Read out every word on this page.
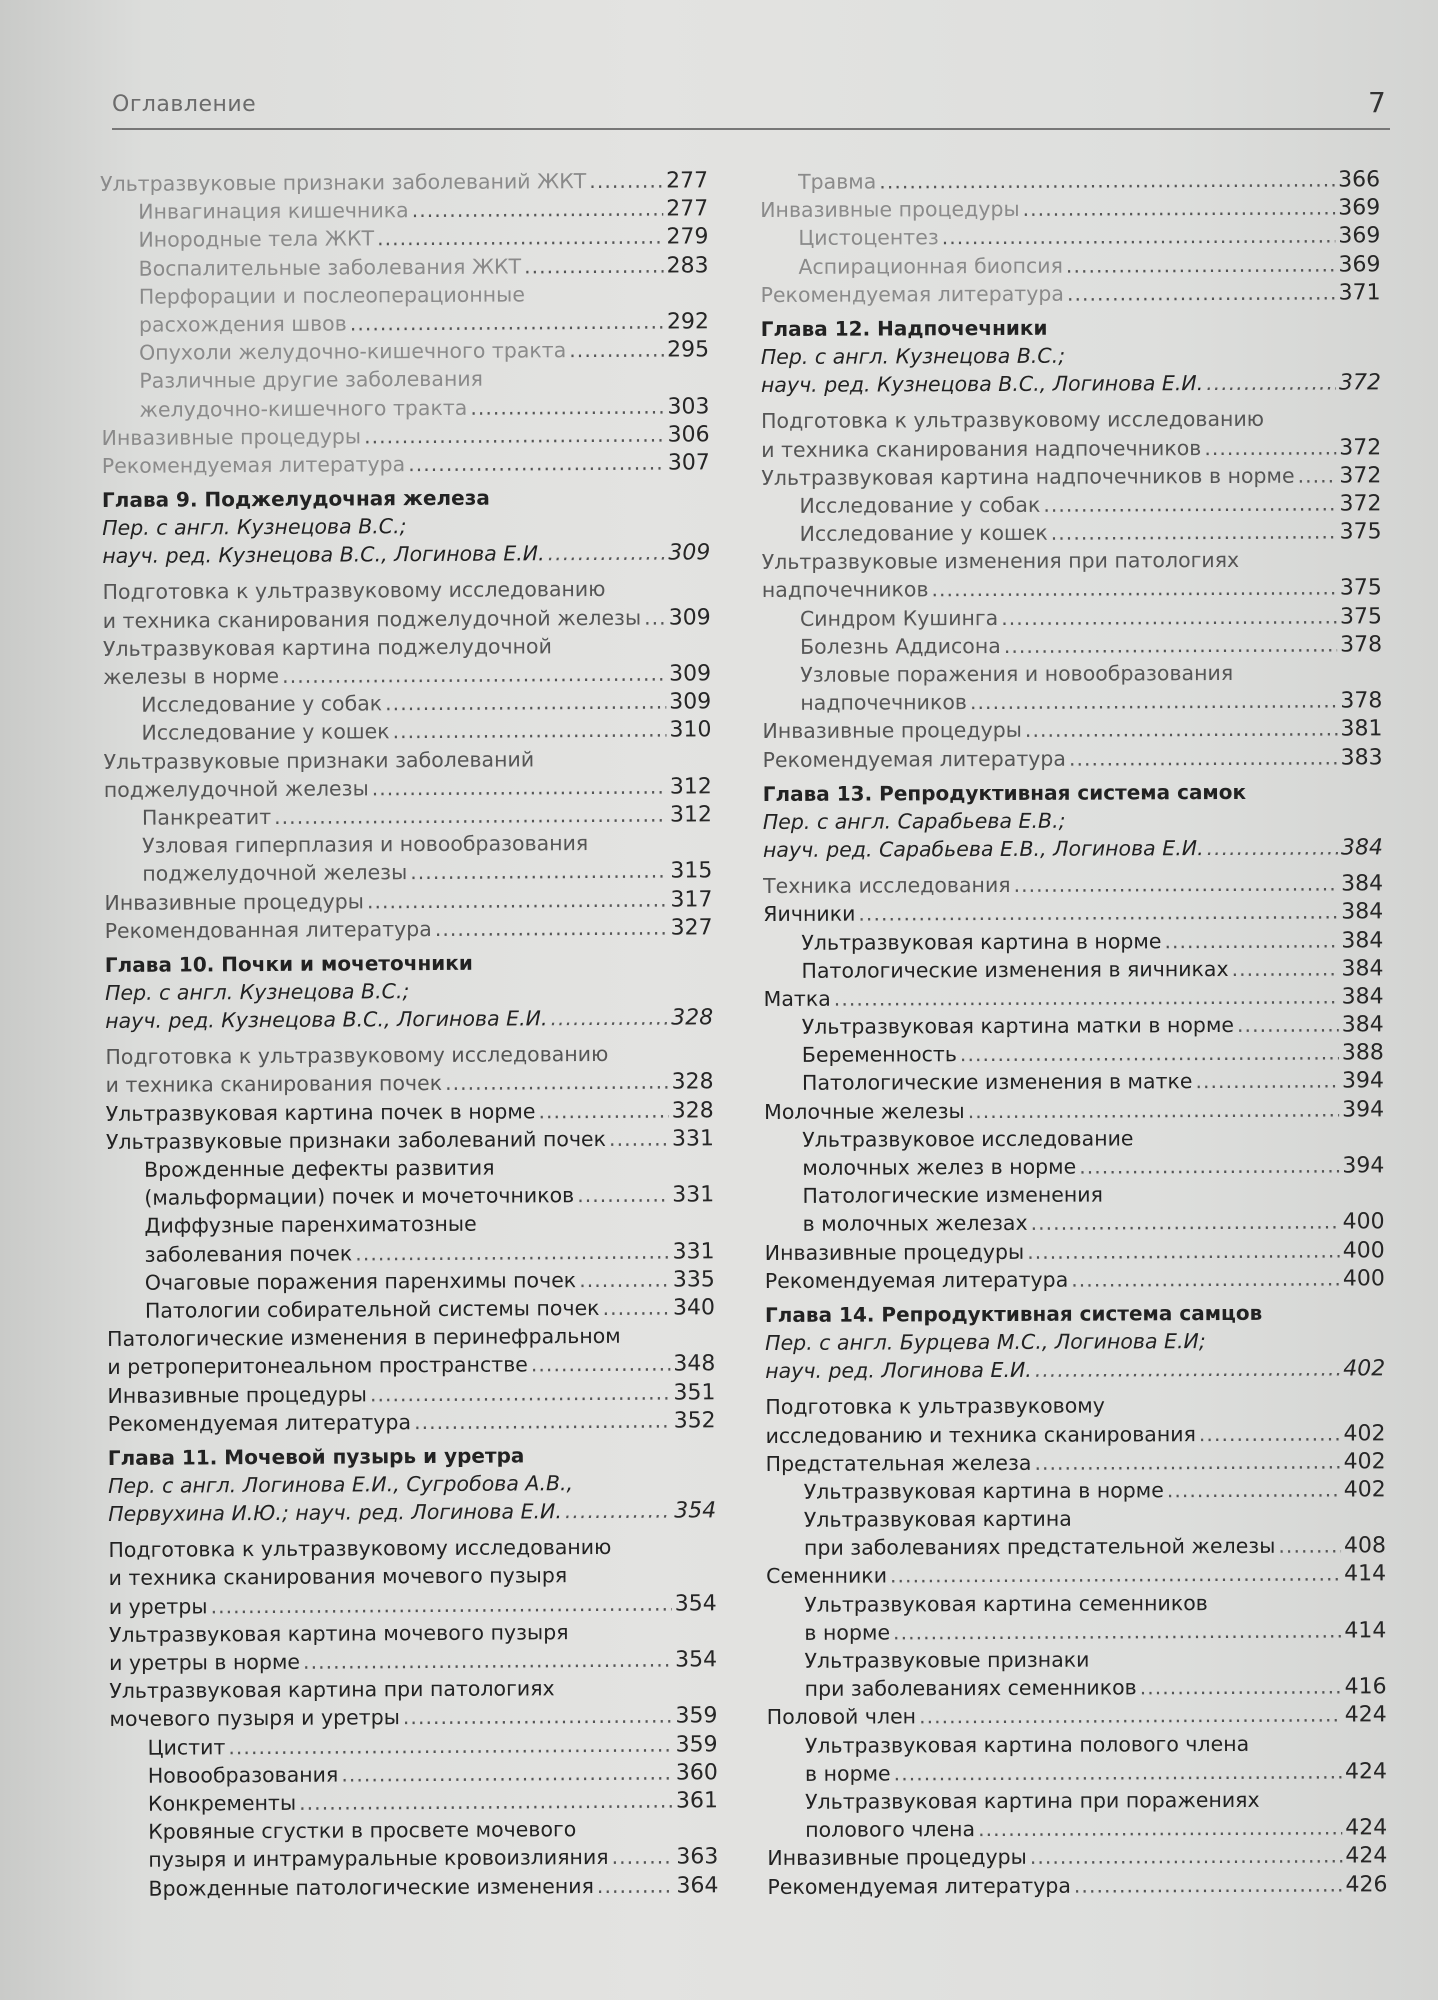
Оглавление	7
Ультразвуковые признаки заболеваний ЖКТ .....	277
Инвагинация кишечника .....	277
Инородные тела ЖКТ .....	279
Воспалительные заболевания ЖКТ .....	283
Перфорации и послеоперационные
расхождения швов .....	292
Опухоли желудочно-кишечного тракта .....	295
Различные другие заболевания
желудочно-кишечного тракта .....	303
Инвазивные процедуры .....	306
Рекомендуемая литература .....	307
Глава 9. Поджелудочная железа
Пер. с англ. Кузнецова В.С.;
науч. ред. Кузнецова В.С., Логинова Е.И. .....	309
Подготовка к ультразвуковому исследованию
и техника сканирования поджелудочной железы ..... 309
Ультразвуковая картина поджелудочной
железы в норме .....	309
Исследование у собак .....	309
Исследование у кошек .....	310
Ультразвуковые признаки заболеваний
поджелудочной железы .....	312
Панкреатит .....	312
Узловая гиперплазия и новообразования
поджелудочной железы .....	315
Инвазивные процедуры .....	317
Рекомендованная литература .....	327
Глава 10. Почки и мочеточники
Пер. с англ. Кузнецова В.С.;
науч. ред. Кузнецова В.С., Логинова Е.И. .....	328
Подготовка к ультразвуковому исследованию
и техника сканирования почек .....	328
Ультразвуковая картина почек в норме .....	328
Ультразвуковые признаки заболеваний почек .....	331
Врожденные дефекты развития
(мальформации) почек и мочеточников .....	331
Диффузные паренхиматозные
заболевания почек .....	331
Очаговые поражения паренхимы почек .....	335
Патологии собирательной системы почек .....	340
Патологические изменения в перинефральном
и ретроперитонеальном пространстве .....	348
Инвазивные процедуры .....	351
Рекомендуемая литература .....	352
Глава 11. Мочевой пузырь и уретра
Пер. с англ. Логинова Е.И., Сугробова А.В.,
Первухина И.Ю.; науч. ред. Логинова Е.И. .....	354
Подготовка к ультразвуковому исследованию
и техника сканирования мочевого пузыря
и уретры .....	354
Ультразвуковая картина мочевого пузыря
и уретры в норме .....	354
Ультразвуковая картина при патологиях
мочевого пузыря и уретры .....	359
Цистит .....	359
Новообразования .....	360
Конкременты .....	361
Кровяные сгустки в просвете мочевого
пузыря и интрамуральные кровоизлияния .....	363
Врожденные патологические изменения .....	364
Травма .....	366
Инвазивные процедуры .....	369
Цистоцентез .....	369
Аспирационная биопсия .....	369
Рекомендуемая литература .....	371
Глава 12. Надпочечники
Пер. с англ. Кузнецова В.С.;
науч. ред. Кузнецова В.С., Логинова Е.И. .....	372
Подготовка к ультразвуковому исследованию
и техника сканирования надпочечников .....	372
Ультразвуковая картина надпочечников в норме ..... 372
Исследование у собак .....	372
Исследование у кошек .....	375
Ультразвуковые изменения при патологиях
надпочечников .....	375
Синдром Кушинга .....	375
Болезнь Аддисона .....	378
Узловые поражения и новообразования
надпочечников .....	378
Инвазивные процедуры .....	381
Рекомендуемая литература .....	383
Глава 13. Репродуктивная система самок
Пер. с англ. Сарабьева Е.В.;
науч. ред. Сарабьева Е.В., Логинова Е.И. .....	384
Техника исследования .....	384
Яичники .....	384
Ультразвуковая картина в норме .....	384
Патологические изменения в яичниках .....	384
Матка .....	384
Ультразвуковая картина матки в норме .....	384
Беременность .....	388
Патологические изменения в матке .....	394
Молочные железы .....	394
Ультразвуковое исследование
молочных желез в норме .....	394
Патологические изменения
в молочных железах .....	400
Инвазивные процедуры .....	400
Рекомендуемая литература .....	400
Глава 14. Репродуктивная система самцов
Пер. с англ. Бурцева М.С., Логинова Е.И;
науч. ред. Логинова Е.И. .....	402
Подготовка к ультразвуковому
исследованию и техника сканирования .....	402
Предстательная железа .....	402
Ультразвуковая картина в норме .....	402
Ультразвуковая картина
при заболеваниях предстательной железы .....	408
Семенники .....	414
Ультразвуковая картина семенников
в норме .....	414
Ультразвуковые признаки
при заболеваниях семенников .....	416
Половой член .....	424
Ультразвуковая картина полового члена
в норме .....	424
Ультразвуковая картина при поражениях
полового члена .....	424
Инвазивные процедуры .....	424
Рекомендуемая литература .....	426
